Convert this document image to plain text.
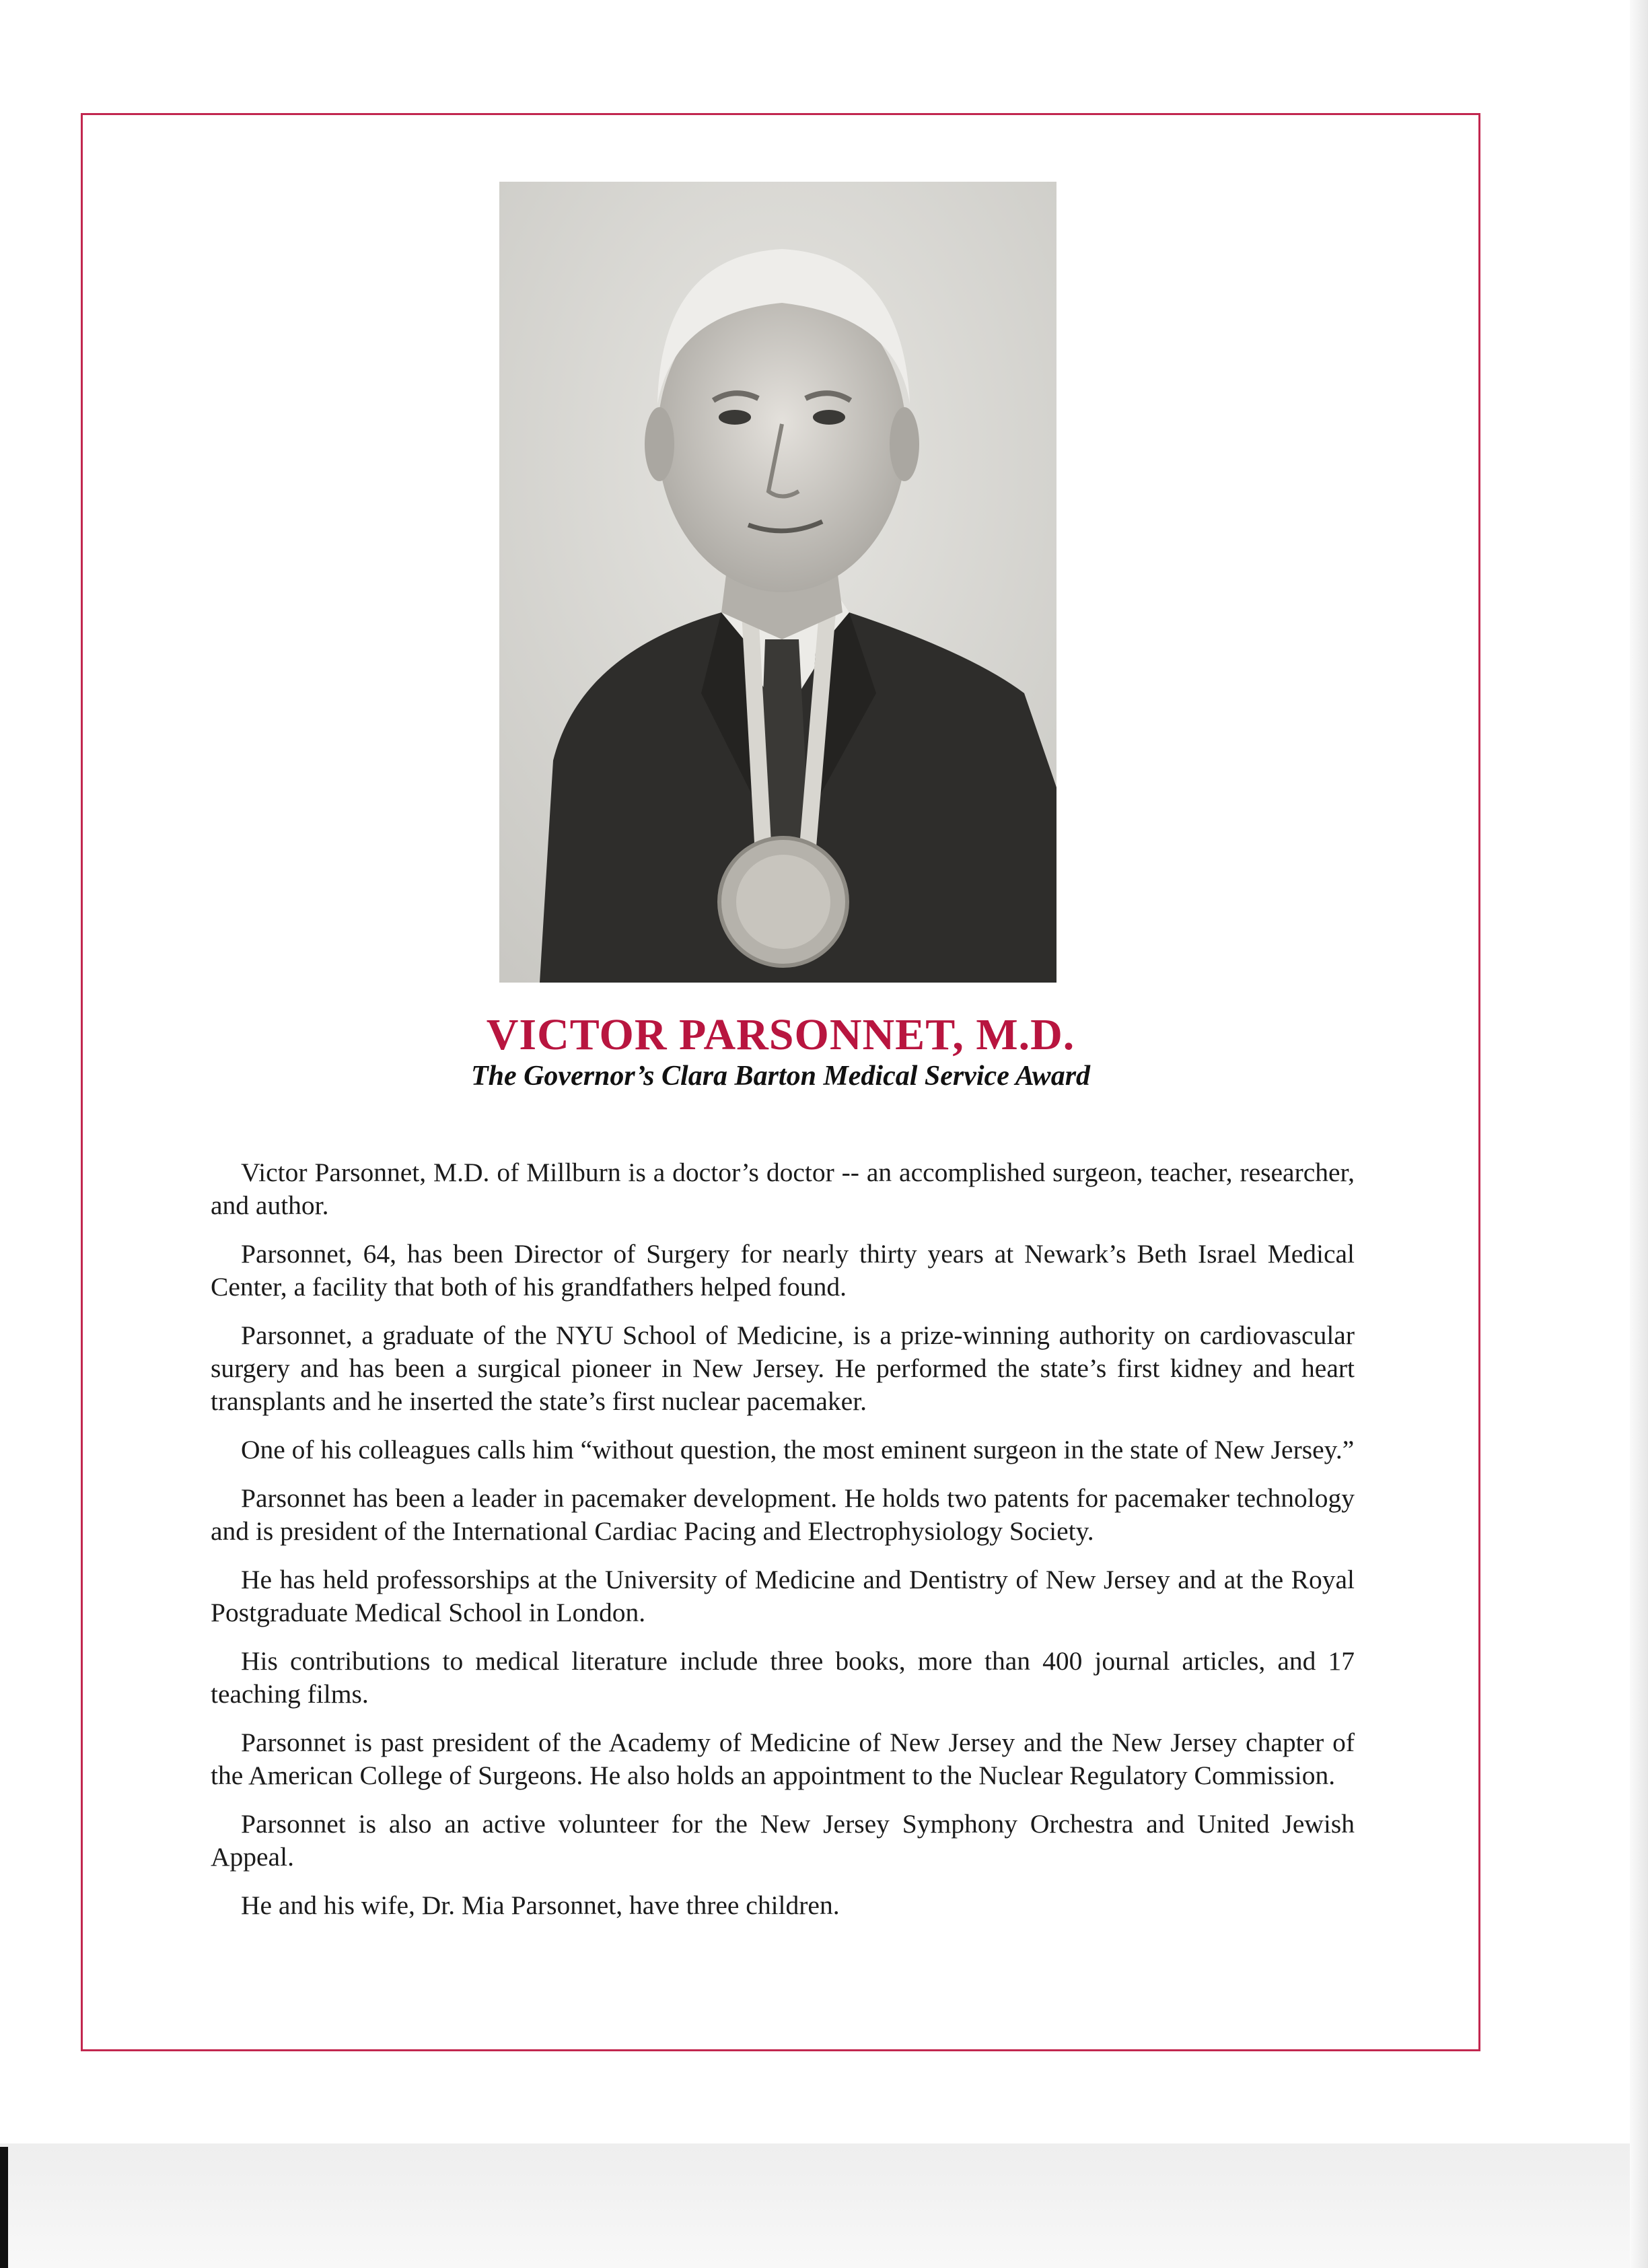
VICTOR PARSONNET, M.D.
The Governor’s Clara Barton Medical Service Award

Victor Parsonnet, M.D. of Millburn is a doctor’s doctor -- an accomplished surgeon, teacher, researcher, and author.

Parsonnet, 64, has been Director of Surgery for nearly thirty years at Newark’s Beth Israel Medical Center, a facility that both of his grandfathers helped found.

Parsonnet, a graduate of the NYU School of Medicine, is a prize-winning authority on cardiovascular surgery and has been a surgical pioneer in New Jersey. He performed the state’s first kidney and heart transplants and he inserted the state’s first nuclear pacemaker.

One of his colleagues calls him “without question, the most eminent surgeon in the state of New Jersey.”

Parsonnet has been a leader in pacemaker development. He holds two patents for pacemaker technology and is president of the International Cardiac Pacing and Electrophysiology Society.

He has held professorships at the University of Medicine and Dentistry of New Jersey and at the Royal Postgraduate Medical School in London.

His contributions to medical literature include three books, more than 400 journal articles, and 17 teaching films.

Parsonnet is past president of the Academy of Medicine of New Jersey and the New Jersey chapter of the American College of Surgeons. He also holds an appointment to the Nuclear Regulatory Commission.

Parsonnet is also an active volunteer for the New Jersey Symphony Orchestra and United Jewish Appeal.

He and his wife, Dr. Mia Parsonnet, have three children.
